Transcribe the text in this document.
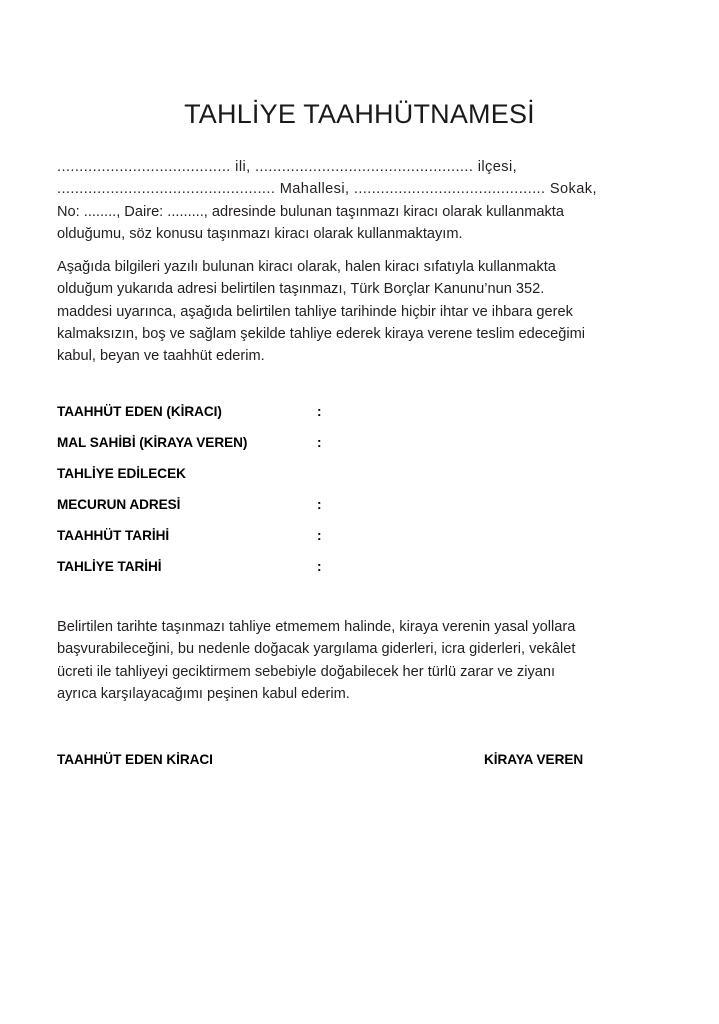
TAHLİYE TAAHHÜTNAMESİ

....................................... ili, ................................................. ilçesi,

................................................. Mahallesi, ........................................... Sokak,

No: ........, Daire: ........., adresinde bulunan taşınmazı kiracı olarak kullanmakta

olduğumu, söz konusu taşınmazı kiracı olarak kullanmaktayım.

Aşağıda bilgileri yazılı bulunan kiracı olarak, halen kiracı sıfatıyla kullanmakta

olduğum yukarıda adresi belirtilen taşınmazı, Türk Borçlar Kanunu’nun 352.

maddesi uyarınca, aşağıda belirtilen tahliye tarihinde hiçbir ihtar ve ihbara gerek

kalmaksızın, boş ve sağlam şekilde tahliye ederek kiraya verene teslim edeceğimi

kabul, beyan ve taahhüt ederim.

TAAHHÜT EDEN (KİRACI)	:
MAL SAHİBİ (KİRAYA VEREN)	:
TAHLİYE EDİLECEK
MECURUN ADRESİ	:
TAAHHÜT TARİHİ	:
TAHLİYE TARİHİ	:

Belirtilen tarihte taşınmazı tahliye etmemem halinde, kiraya verenin yasal yollara

başvurabileceğini, bu nedenle doğacak yargılama giderleri, icra giderleri, vekâlet

ücreti ile tahliyeyi geciktirmem sebebiyle doğabilecek her türlü zarar ve ziyanı

ayrıca karşılayacağımı peşinen kabul ederim.

TAAHHÜT EDEN KİRACI	KİRAYA VEREN
